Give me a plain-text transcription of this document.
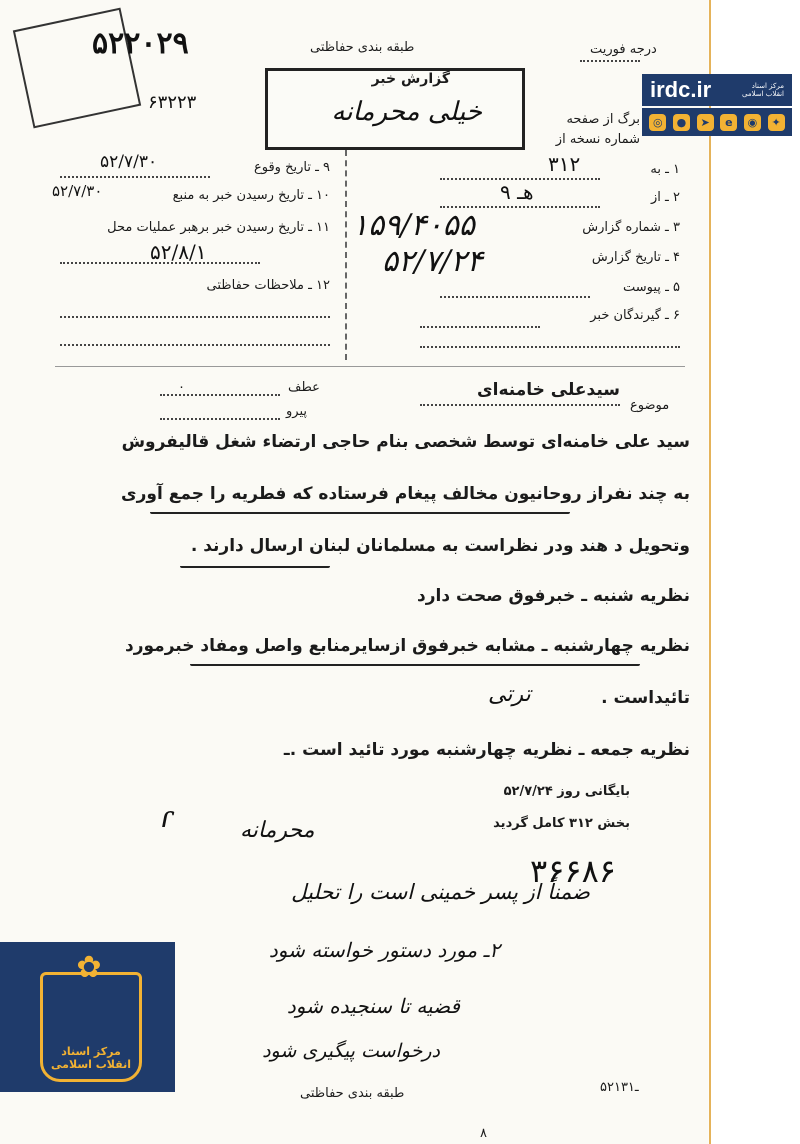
۵۲۲۰۲۹
۶۳۲۲۳
طبقه بندی حفاظتی	درجه فوریت
گزارش خبر
خیلی محرمانه	برگ از صفحه
شماره نسخه از
irdc.ir	مرکز اسناد انقلاب اسلامی
◎	●	➤	e	◉	✦
۱ ـ به
۳۱۲
۲ ـ از
۹ هـ
۳ ـ شماره گزارش
۱۵۹/۴۰۵۵
۴ ـ تاریخ گزارش
۵۲/۷/۲۴
۵ ـ پیوست
۶ ـ گیرندگان خبر
۹ ـ تاریخ وقوع
۵۲/۷/۳۰
۱۰ ـ تاریخ رسیدن خبر به منبع
۵۲/۷/۳۰
۱۱ ـ تاریخ رسیدن خبر برهبر عملیات محل
۵۲/۸/۱
۱۲ ـ ملاحظات حفاظتی
موضوع
سیدعلی خامنه‌ای
عطف
۰
پیرو
سید علی خامنه‌ای توسط شخصی بنام حاجی ارتضاء شغل قالیفروش
به چند نفراز روحانیون مخالف پیغام فرستاده که فطریه را جمع آوری
وتحویل د هند ودر نظراست به مسلمانان لبنان ارسال دارند .
نظریه شنبه ـ خبرفوق صحت دارد
نظریه چهارشنبه ـ مشابه خبرفوق ازسایرمنابع واصل ومفاد خبرمورد
تائیداست .
ترتی
نظریه جمعه ـ نظریه چهارشنبه مورد تائید است .ـ
بایگانی روز ۵۲/۷/۲۴
بخش ۳۱۲ کامل گردید
ɾ	محرمانه
۳۶۶۸۶
ضمناً از پسر خمینی است را تحلیل
۲ـ مورد دستور خواسته شود
قضیه تا سنجیده شود
درخواست پیگیری شود
✿
مرکز اسناد انقلاب اسلامی
طبقه بندی حفاظتی	۵۲ـ۱۳۱
۸
